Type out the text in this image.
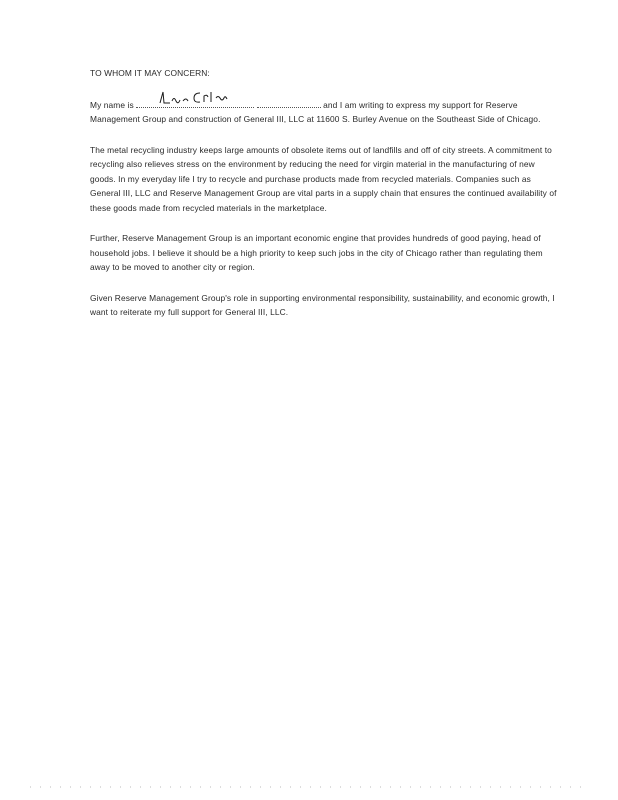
TO WHOM IT MAY CONCERN:

My name is	and I am writing to express my support for Reserve Management Group and construction of General III, LLC at 11600 S. Burley Avenue on the Southeast Side of Chicago.

The metal recycling industry keeps large amounts of obsolete items out of landfills and off of city streets. A commitment to recycling also relieves stress on the environment by reducing the need for virgin material in the manufacturing of new goods. In my everyday life I try to recycle and purchase products made from recycled materials. Companies such as General III, LLC and Reserve Management Group are vital parts in a supply chain that ensures the continued availability of these goods made from recycled materials in the marketplace.

Further, Reserve Management Group is an important economic engine that provides hundreds of good paying, head of household jobs. I believe it should be a high priority to keep such jobs in the city of Chicago rather than regulating them away to be moved to another city or region.

Given Reserve Management Group's role in supporting environmental responsibility, sustainability, and economic growth, I want to reiterate my full support for General III, LLC.
